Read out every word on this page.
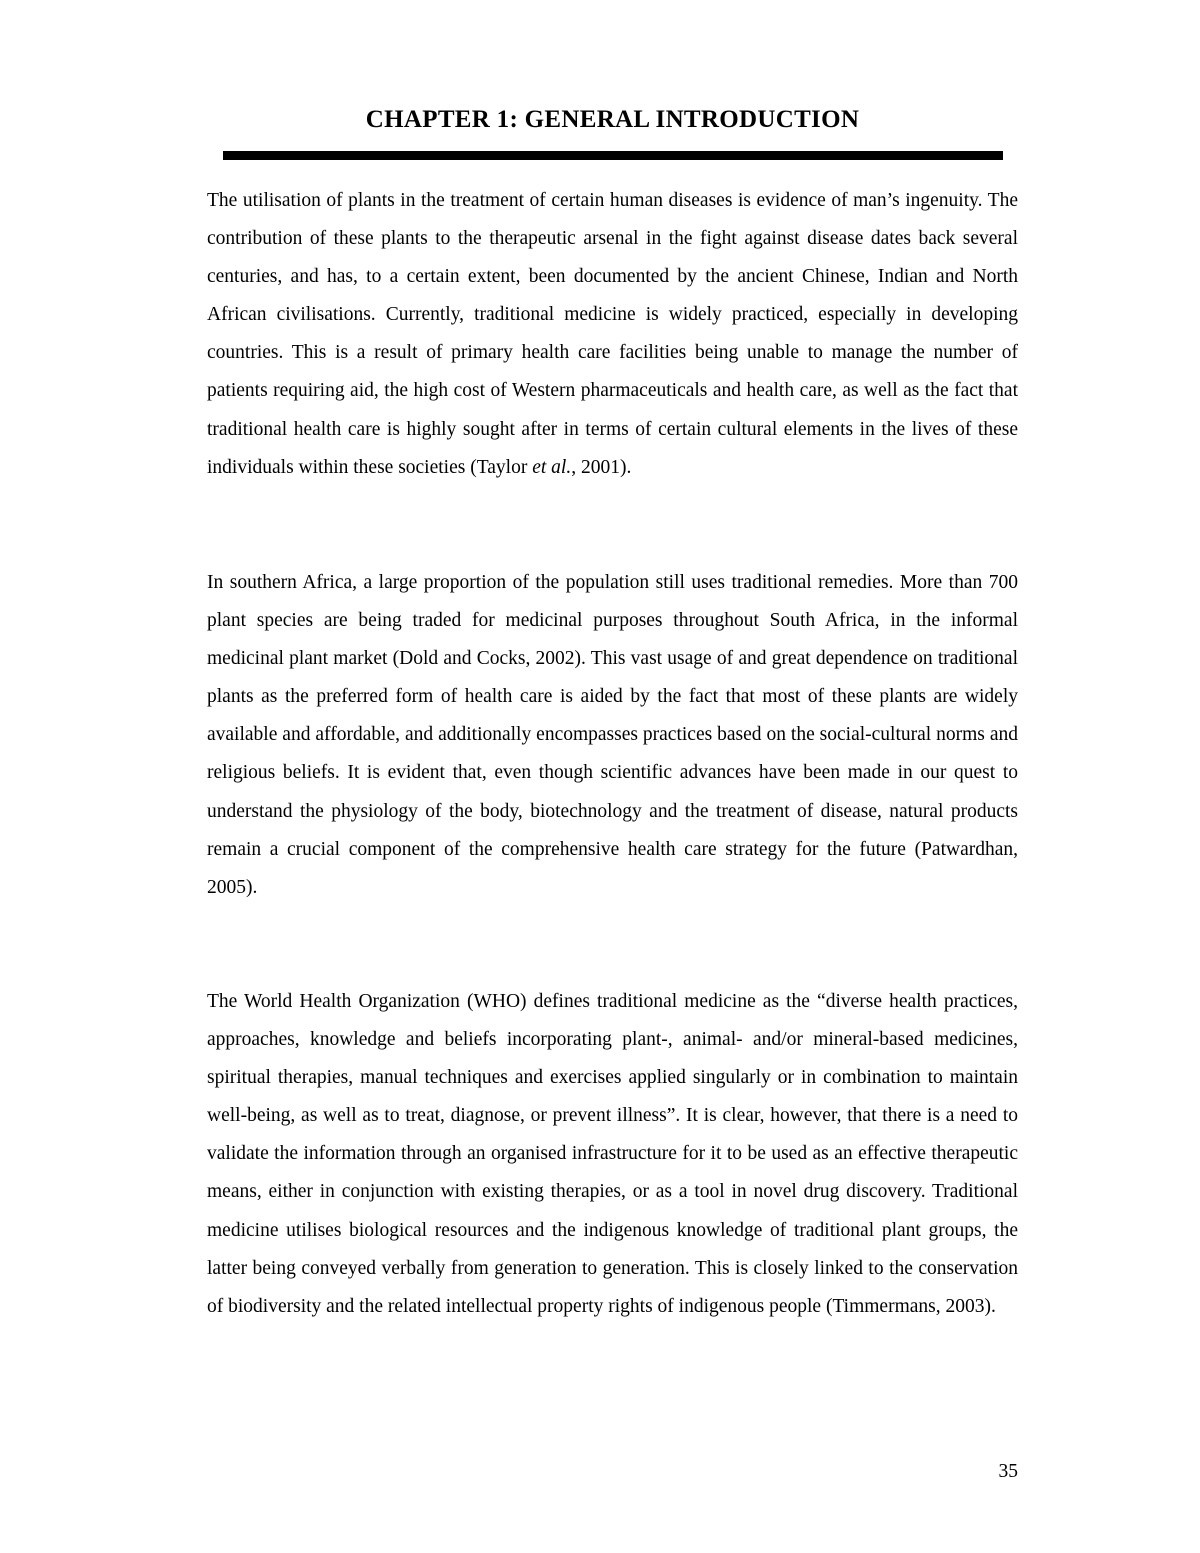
CHAPTER 1: GENERAL INTRODUCTION

The utilisation of plants in the treatment of certain human diseases is evidence of man’s ingenuity. The contribution of these plants to the therapeutic arsenal in the fight against disease dates back several centuries, and has, to a certain extent, been documented by the ancient Chinese, Indian and North African civilisations. Currently, traditional medicine is widely practiced, especially in developing countries. This is a result of primary health care facilities being unable to manage the number of patients requiring aid, the high cost of Western pharmaceuticals and health care, as well as the fact that traditional health care is highly sought after in terms of certain cultural elements in the lives of these individuals within these societies (Taylor et al., 2001).

In southern Africa, a large proportion of the population still uses traditional remedies. More than 700 plant species are being traded for medicinal purposes throughout South Africa, in the informal medicinal plant market (Dold and Cocks, 2002). This vast usage of and great dependence on traditional plants as the preferred form of health care is aided by the fact that most of these plants are widely available and affordable, and additionally encompasses practices based on the social-cultural norms and religious beliefs. It is evident that, even though scientific advances have been made in our quest to understand the physiology of the body, biotechnology and the treatment of disease, natural products remain a crucial component of the comprehensive health care strategy for the future (Patwardhan, 2005).

The World Health Organization (WHO) defines traditional medicine as the “diverse health practices, approaches, knowledge and beliefs incorporating plant-, animal- and/or mineral-based medicines, spiritual therapies, manual techniques and exercises applied singularly or in combination to maintain well-being, as well as to treat, diagnose, or prevent illness”. It is clear, however, that there is a need to validate the information through an organised infrastructure for it to be used as an effective therapeutic means, either in conjunction with existing therapies, or as a tool in novel drug discovery. Traditional medicine utilises biological resources and the indigenous knowledge of traditional plant groups, the latter being conveyed verbally from generation to generation. This is closely linked to the conservation of biodiversity and the related intellectual property rights of indigenous people (Timmermans, 2003).

35
